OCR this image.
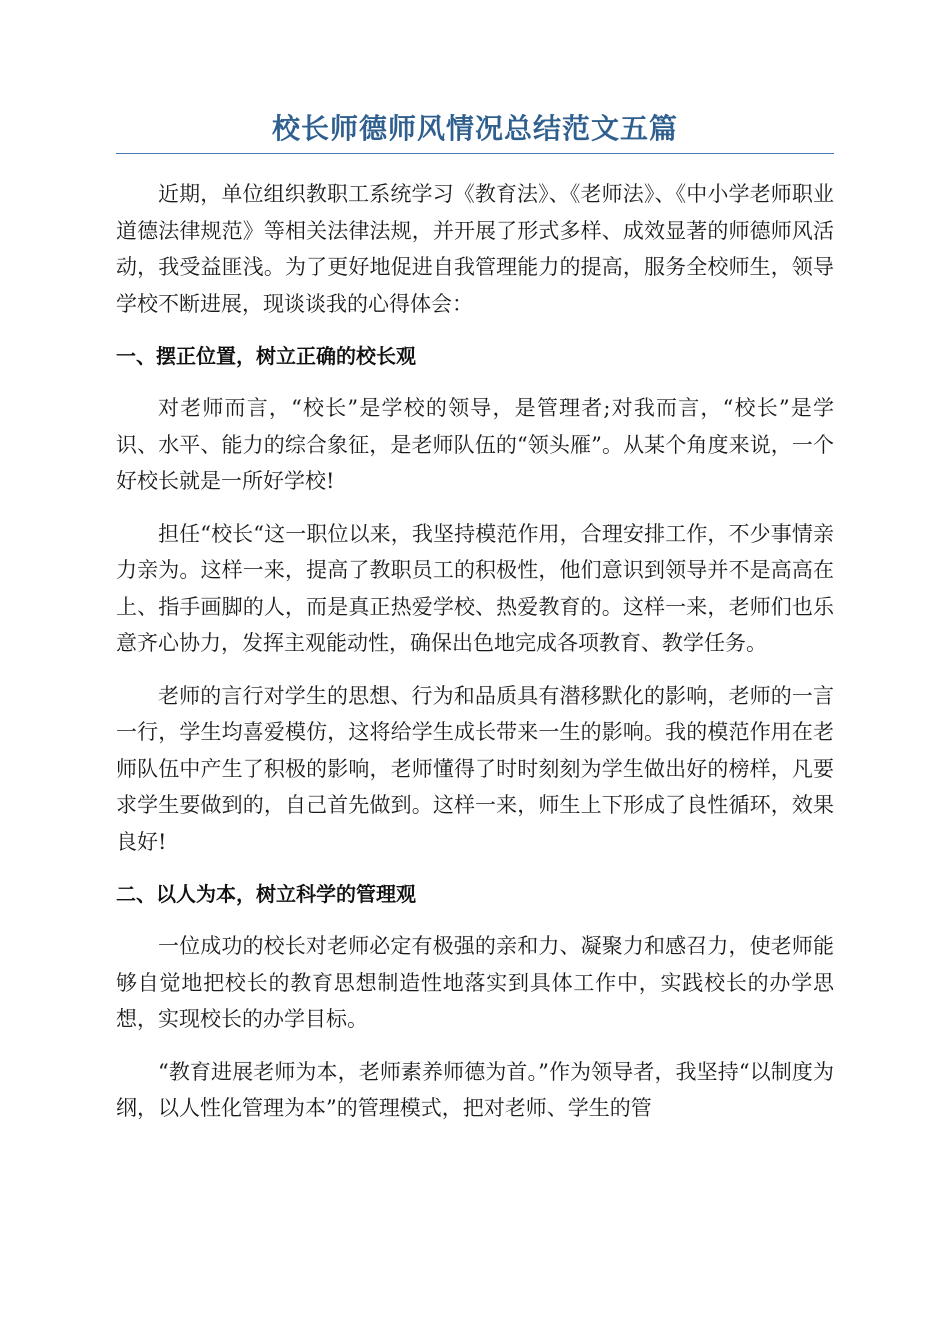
校长师德师风情况总结范文五篇

近期，单位组织教职工系统学习《教育法》、《老师法》、《中小学老师职业道德法律规范》等相关法律法规，并开展了形式多样、成效显著的师德师风活动，我受益匪浅。为了更好地促进自我管理能力的提高，服务全校师生，领导学校不断进展，现谈谈我的心得体会：

一、摆正位置，树立正确的校长观

对老师而言，“校长”是学校的领导，是管理者;对我而言，“校长”是学识、水平、能力的综合象征，是老师队伍的“领头雁”。从某个角度来说，一个好校长就是一所好学校!

担任“校长“这一职位以来，我坚持模范作用，合理安排工作，不少事情亲力亲为。这样一来，提高了教职员工的积极性，他们意识到领导并不是高高在上、指手画脚的人，而是真正热爱学校、热爱教育的。这样一来，老师们也乐意齐心协力，发挥主观能动性，确保出色地完成各项教育、教学任务。

老师的言行对学生的思想、行为和品质具有潜移默化的影响，老师的一言一行，学生均喜爱模仿，这将给学生成长带来一生的影响。我的模范作用在老师队伍中产生了积极的影响，老师懂得了时时刻刻为学生做出好的榜样，凡要求学生要做到的，自己首先做到。这样一来，师生上下形成了良性循环，效果良好!

二、以人为本，树立科学的管理观

一位成功的校长对老师必定有极强的亲和力、凝聚力和感召力，使老师能够自觉地把校长的教育思想制造性地落实到具体工作中，实践校长的办学思想，实现校长的办学目标。

“教育进展老师为本，老师素养师德为首。”作为领导者，我坚持“以制度为纲，以人性化管理为本”的管理模式，把对老师、学生的管
